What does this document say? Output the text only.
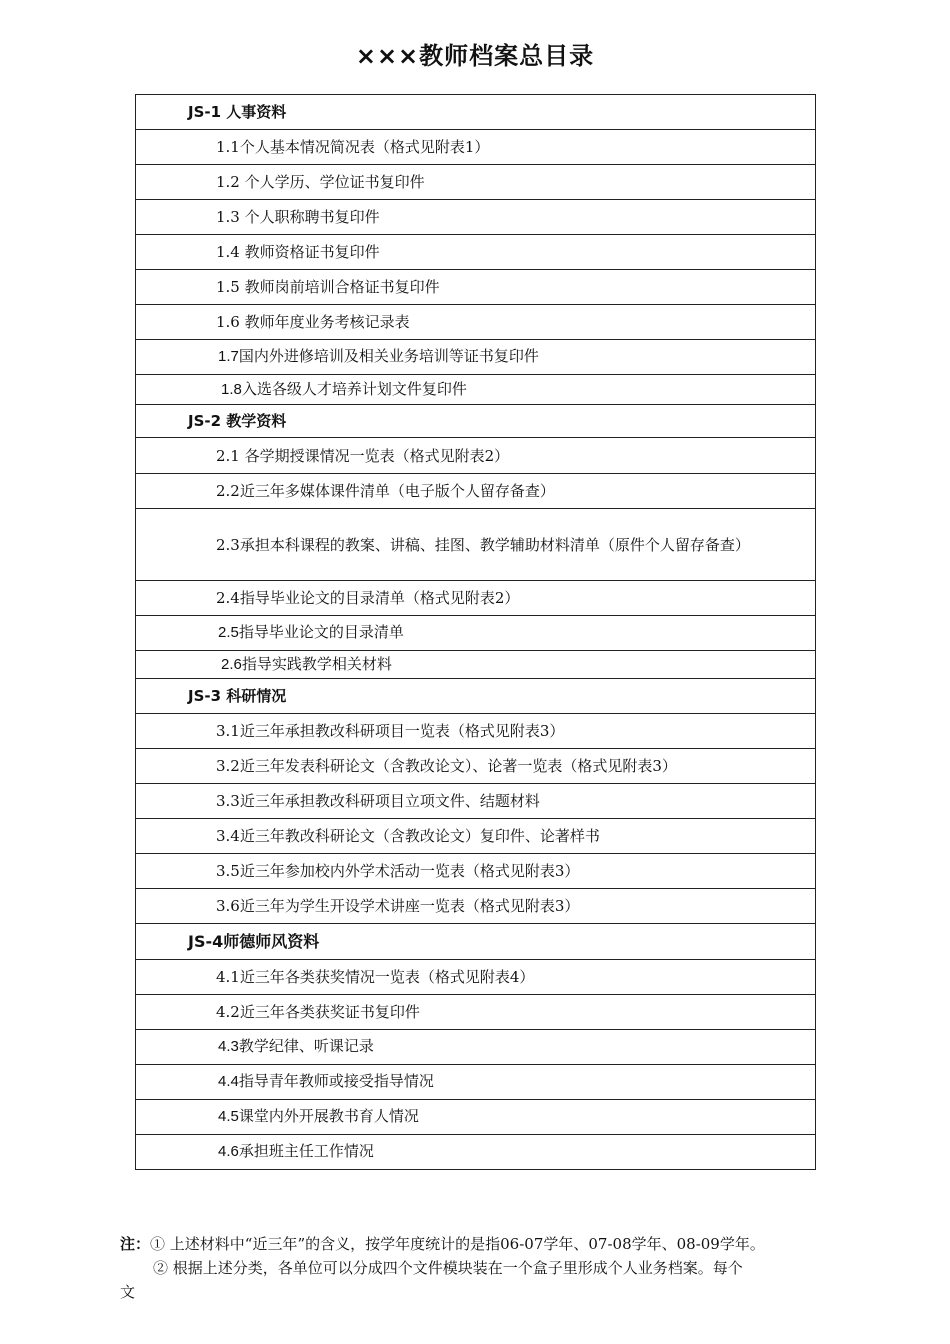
×××教师档案总目录
JS-1 人事资料
1.1个人基本情况简况表（格式见附表1）
1.2 个人学历、学位证书复印件
1.3 个人职称聘书复印件
1.4 教师资格证书复印件
1.5 教师岗前培训合格证书复印件
1.6 教师年度业务考核记录表
1.7国内外进修培训及相关业务培训等证书复印件
1.8入选各级人才培养计划文件复印件
JS-2 教学资料
2.1 各学期授课情况一览表（格式见附表2）
2.2近三年多媒体课件清单（电子版个人留存备查）

2.3承担本科课程的教案、讲稿、挂图、教学辅助材料清单（原件个人留存备查）

2.4指导毕业论文的目录清单（格式见附表2）
2.5指导毕业论文的目录清单
2.6指导实践教学相关材料
JS-3 科研情况
3.1近三年承担教改科研项目一览表（格式见附表3）
3.2近三年发表科研论文（含教改论文）、论著一览表（格式见附表3）
3.3近三年承担教改科研项目立项文件、结题材料
3.4近三年教改科研论文（含教改论文）复印件、论著样书
3.5近三年参加校内外学术活动一览表（格式见附表3）
3.6近三年为学生开设学术讲座一览表（格式见附表3）
JS-4师德师风资料
4.1近三年各类获奖情况一览表（格式见附表4）
4.2近三年各类获奖证书复印件
4.3教学纪律、听课记录
4.4指导青年教师或接受指导情况
4.5课堂内外开展教书育人情况
4.6承担班主任工作情况
注：① 上述材料中“近三年”的含义，按学年度统计的是指06-07学年、07-08学年、08-09学年。
② 根据上述分类，各单位可以分成四个文件模块装在一个盒子里形成个人业务档案。每个
文
